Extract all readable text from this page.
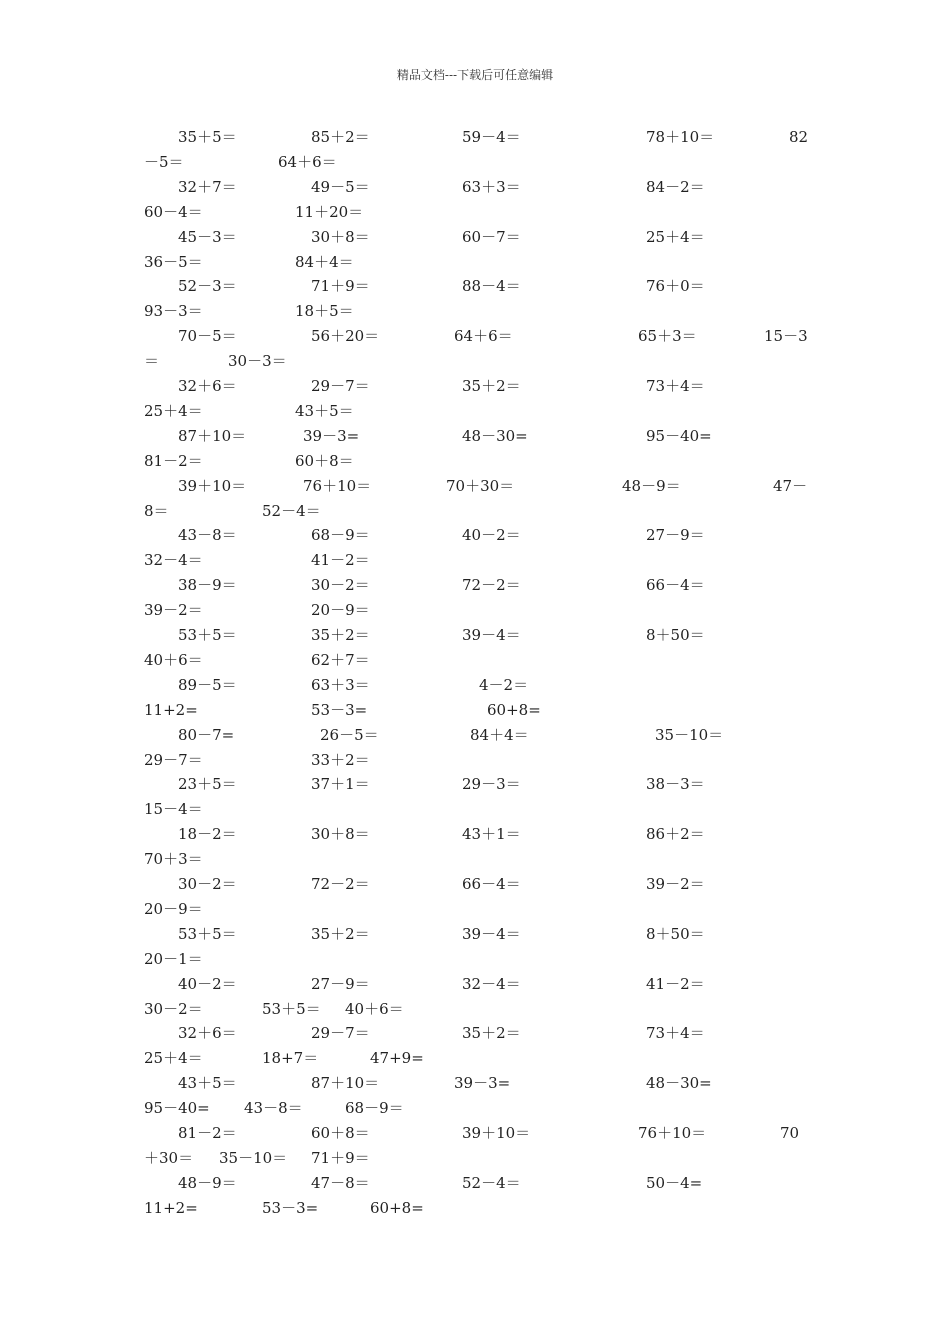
精品文档---下载后可任意编辑
35＋5＝	85＋2＝	59－4＝	78＋10＝	82
－5＝	64＋6＝
32＋7＝	49－5＝	63＋3＝	84－2＝
60－4＝	11＋20＝
45－3＝	30＋8＝	60－7＝	25＋4＝
36－5＝	84＋4＝
52－3＝	71＋9＝	88－4＝	76＋0＝
93－3＝	18＋5＝
70－5＝	56＋20＝	64＋6＝	65＋3＝	15－3
＝	30－3＝
32＋6＝	29－7＝	35＋2＝	73＋4＝
25＋4＝	43＋5＝
87＋10＝	39－3=	48－30=	95－40=
81－2＝	60＋8＝
39＋10＝	76＋10＝	70＋30＝	48－9＝	47－
8＝	52－4＝
43－8＝	68－9＝	40－2＝	27－9＝
32－4＝	41－2＝
38－9＝	30－2＝	72－2＝	66－4＝
39－2＝	20－9＝
53＋5＝	35＋2＝	39－4＝	8＋50＝
40＋6＝	62＋7＝
89－5＝	63＋3＝	4－2＝
11+2=	53－3=	60+8=
80－7=	26－5＝	84＋4＝	35－10＝
29－7＝	33＋2＝
23＋5＝	37＋1＝	29－3＝	38－3＝
15－4＝
18－2＝	30＋8＝	43＋1＝	86＋2＝
70＋3＝
30－2＝	72－2＝	66－4＝	39－2＝
20－9＝
53＋5＝	35＋2＝	39－4＝	8＋50＝
20－1＝
40－2＝	27－9＝	32－4＝	41－2＝
30－2＝	53＋5＝ 40＋6＝
32＋6＝	29－7＝	35＋2＝	73＋4＝
25＋4＝	18+7＝	47+9=
43＋5＝	87＋10＝	39－3=	48－30=
95－40= 43－8＝	68－9＝
81－2＝	60＋8＝	39＋10＝	76＋10＝	70
＋30＝ 35－10＝ 71＋9＝
48－9＝	47－8＝	52－4＝	50－4=
11+2=	53－3=	60+8=
